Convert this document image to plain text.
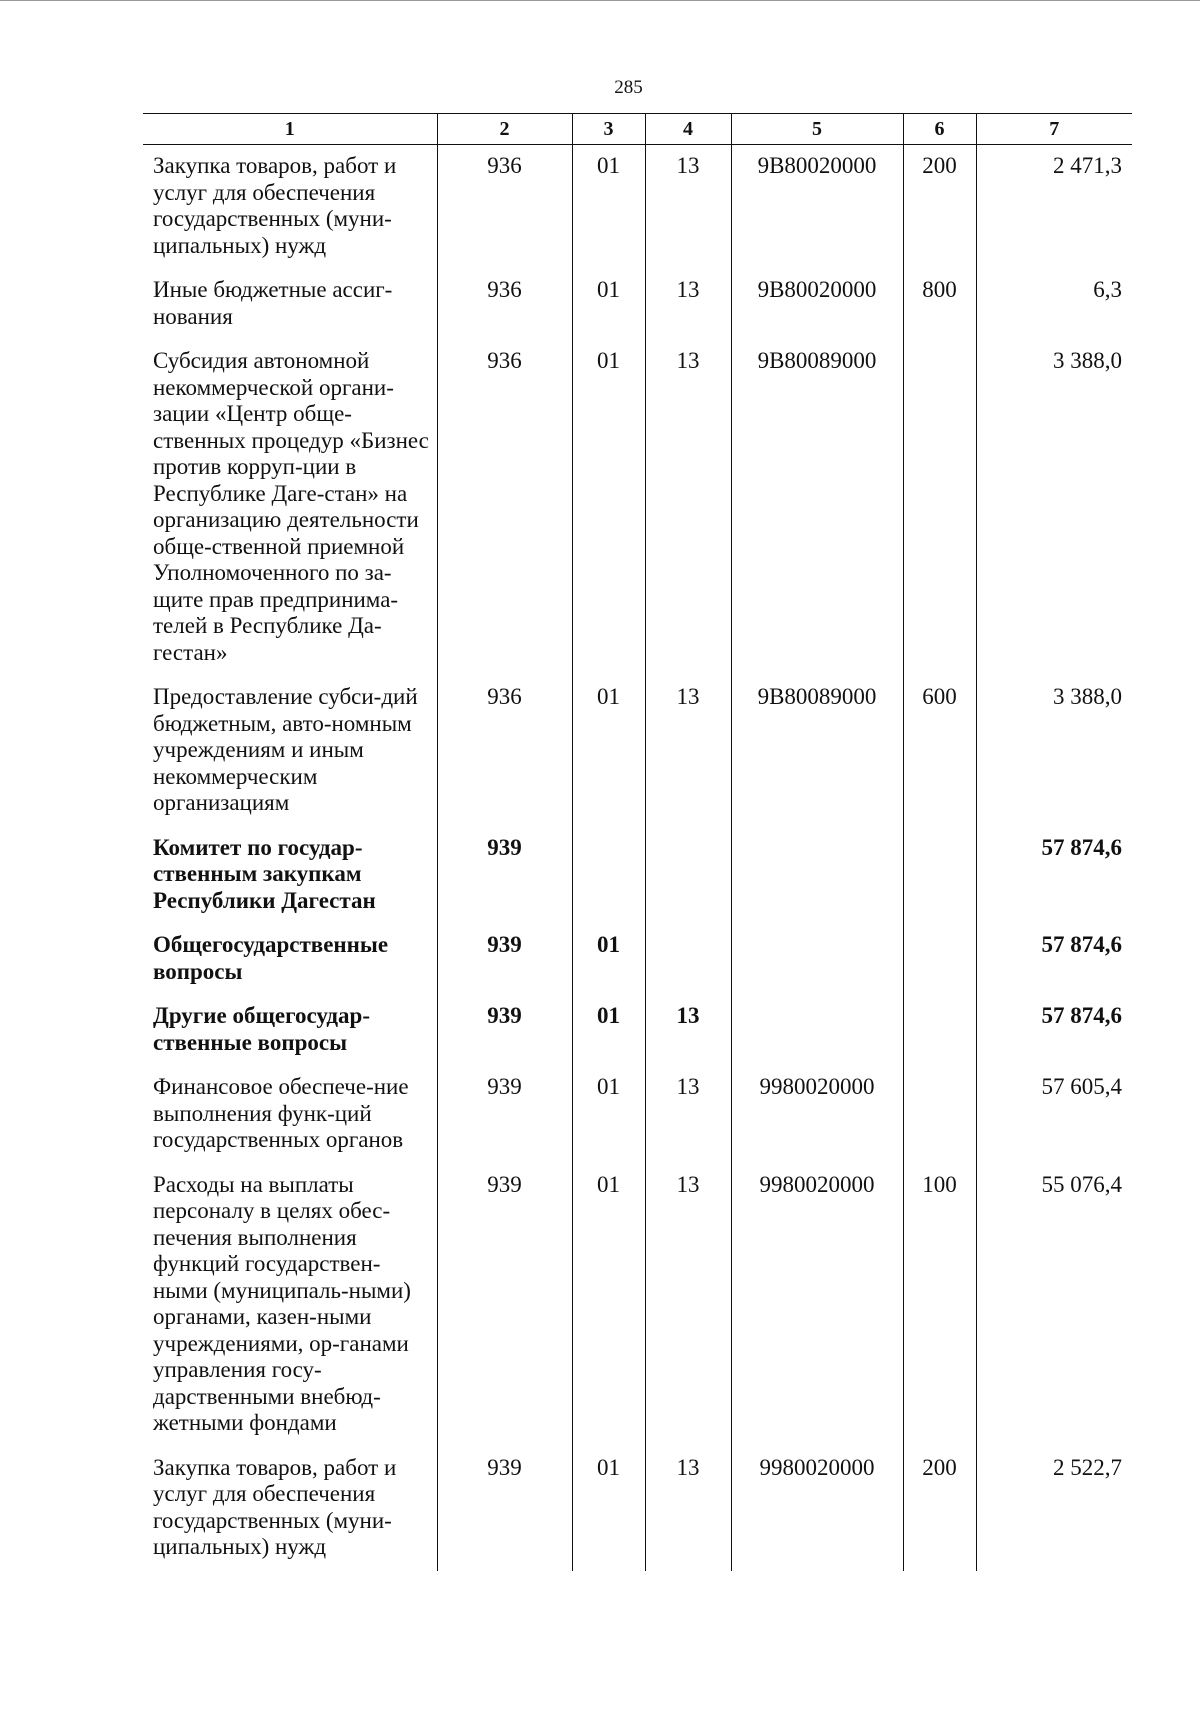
285
1	2	3	4	5	6	7
Закупка товаров, работ и услуг для обеспечения государственных (муни-ципальных) нужд	936	01	13	9В80020000	200	2 471,3
Иные бюджетные ассиг-нования	936	01	13	9В80020000	800	6,3
Субсидия автономной некоммерческой органи-зации «Центр обще-ственных процедур «Бизнес против корруп-ции в Республике Даге-стан» на организацию деятельности обще-ственной приемной Уполномоченного по за-щите прав предпринима-телей в Республике Да-гестан»	936	01	13	9В80089000		3 388,0
Предоставление субси-дий бюджетным, авто-номным учреждениям и иным некоммерческим организациям	936	01	13	9В80089000	600	3 388,0
Комитет по государ-ственным закупкам Республики Дагестан	939					57 874,6
Общегосударственные вопросы	939	01				57 874,6
Другие общегосудар-ственные вопросы	939	01	13			57 874,6
Финансовое обеспече-ние выполнения функ-ций государственных органов	939	01	13	9980020000		57 605,4
Расходы на выплаты персоналу в целях обес-печения выполнения функций государствен-ными (муниципаль-ными) органами, казен-ными учреждениями, ор-ганами управления госу-дарственными внебюд-жетными фондами	939	01	13	9980020000	100	55 076,4
Закупка товаров, работ и услуг для обеспечения государственных (муни-ципальных) нужд	939	01	13	9980020000	200	2 522,7
